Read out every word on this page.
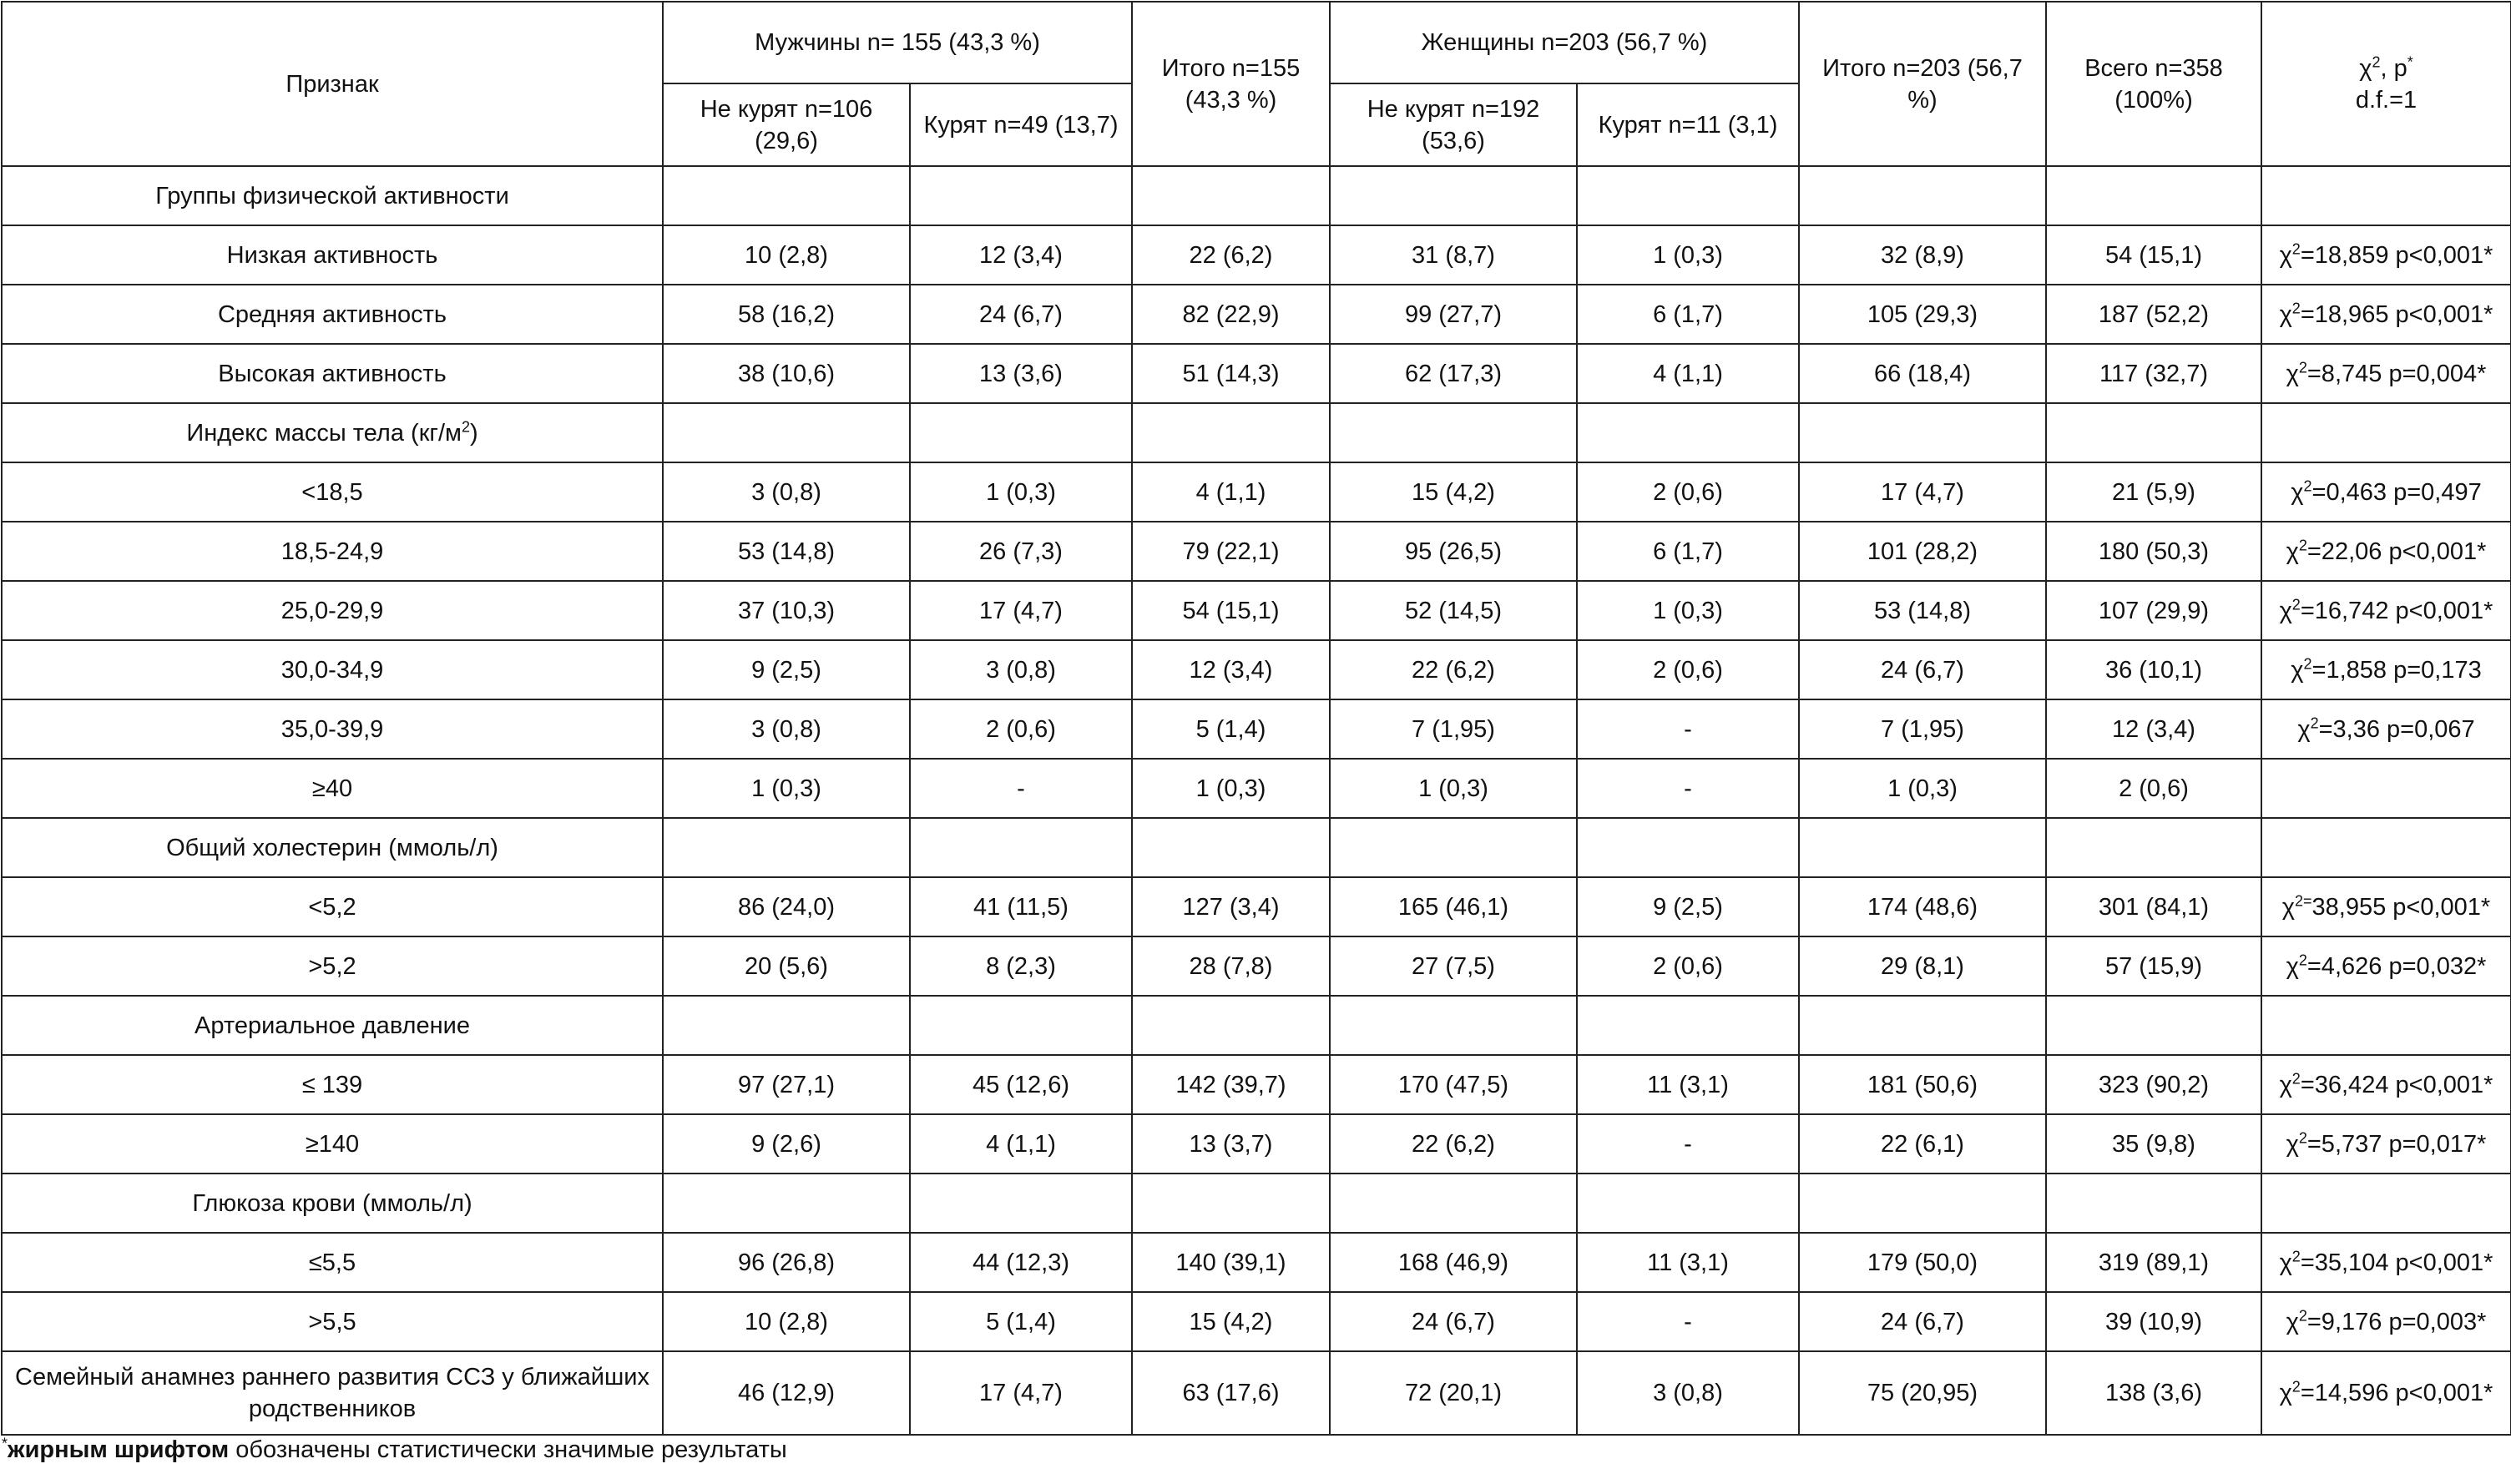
Признак	Мужчины n= 155 (43,3 %)		Итого n=155 (43,3 %)	Женщины n=203 (56,7 %)		Итого n=203 (56,7 %)	Всего n=358 (100%)	$\chi^2$, p*
d.f.=1
	Не курят n=106 (29,6)	Курят n=49 (13,7)		Не курят n=192 (53,6)	Курят n=11 (3,1)			
Группы физической активности								
Низкая активность	10 (2,8)	12 (3,4)	22 (6,2)	31 (8,7)	1 (0,3)	32 (8,9)	54 (15,1)	$\chi^2=18,859$ p<0,001*
Средняя активность	58 (16,2)	24 (6,7)	82 (22,9)	99 (27,7)	6 (1,7)	105 (29,3)	187 (52,2)	$\chi^2=18,965$ p<0,001*
Высокая активность	38 (10,6)	13 (3,6)	51 (14,3)	62 (17,3)	4 (1,1)	66 (18,4)	117 (32,7)	$\chi^2=8,745$ p=0,004*
Индекс массы тела $(кг/м^2)$								
<18,5	3 (0,8)	1 (0,3)	4 (1,1)	15 (4,2)	2 (0,6)	17 (4,7)	21 (5,9)	$\chi^2=0,463$ p=0,497
18,5-24,9	53 (14,8)	26 (7,3)	79 (22,1)	95 (26,5)	6 (1,7)	101 (28,2)	180 (50,3)	$\chi^2=22,06$ p<0,001*
25,0-29,9	37 (10,3)	17 (4,7)	54 (15,1)	52 (14,5)	1 (0,3)	53 (14,8)	107 (29,9)	$\chi^2=16,742$ p<0,001*
30,0-34,9	9 (2,5)	3 (0,8)	12 (3,4)	22 (6,2)	2 (0,6)	24 (6,7)	36 (10,1)	$\chi^2=1,858$ p=0,173
35,0-39,9	3 (0,8)	2 (0,6)	5 (1,4)	7 (1,95)	-	7 (1,95)	12 (3,4)	$\chi^2=3,36$ p=0,067
≥40	1 (0,3)	-	1 (0,3)	1 (0,3)	-	1 (0,3)	2 (0,6)	
Общий холестерин (ммоль/л)								
<5,2	86 (24,0)	41 (11,5)	127 (3,4)	165 (46,1)	9 (2,5)	174 (48,6)	301 (84,1)	$\chi^{2=}38,955$ p<0,001*
>5,2	20 (5,6)	8 (2,3)	28 (7,8)	27 (7,5)	2 (0,6)	29 (8,1)	57 (15,9)	$\chi^2=4,626$ p=0,032*
Артериальное давление								
≤ 139	97 (27,1)	45 (12,6)	142 (39,7)	170 (47,5)	11 (3,1)	181 (50,6)	323 (90,2)	$\chi^2=36,424$ p<0,001*
≥140	9 (2,6)	4 (1,1)	13 (3,7)	22 (6,2)	-	22 (6,1)	35 (9,8)	$\chi^2=5,737$ p=0,017*
Глюкоза крови (ммоль/л)								
≤5,5	96 (26,8)	44 (12,3)	140 (39,1)	168 (46,9)	11 (3,1)	179 (50,0)	319 (89,1)	$\chi^2=35,104$ p<0,001*
>5,5	10 (2,8)	5 (1,4)	15 (4,2)	24 (6,7)	-	24 (6,7)	39 (10,9)	$\chi^2=9,176$ p=0,003*
Семейный анамнез раннего развития ССЗ у ближайших родственников	46 (12,9)	17 (4,7)	63 (17,6)	72 (20,1)	3 (0,8)	75 (20,95)	138 (3,6)	$\chi^2=14,596$ p<0,001*
*жирным шрифтом обозначены статистически значимые результаты
